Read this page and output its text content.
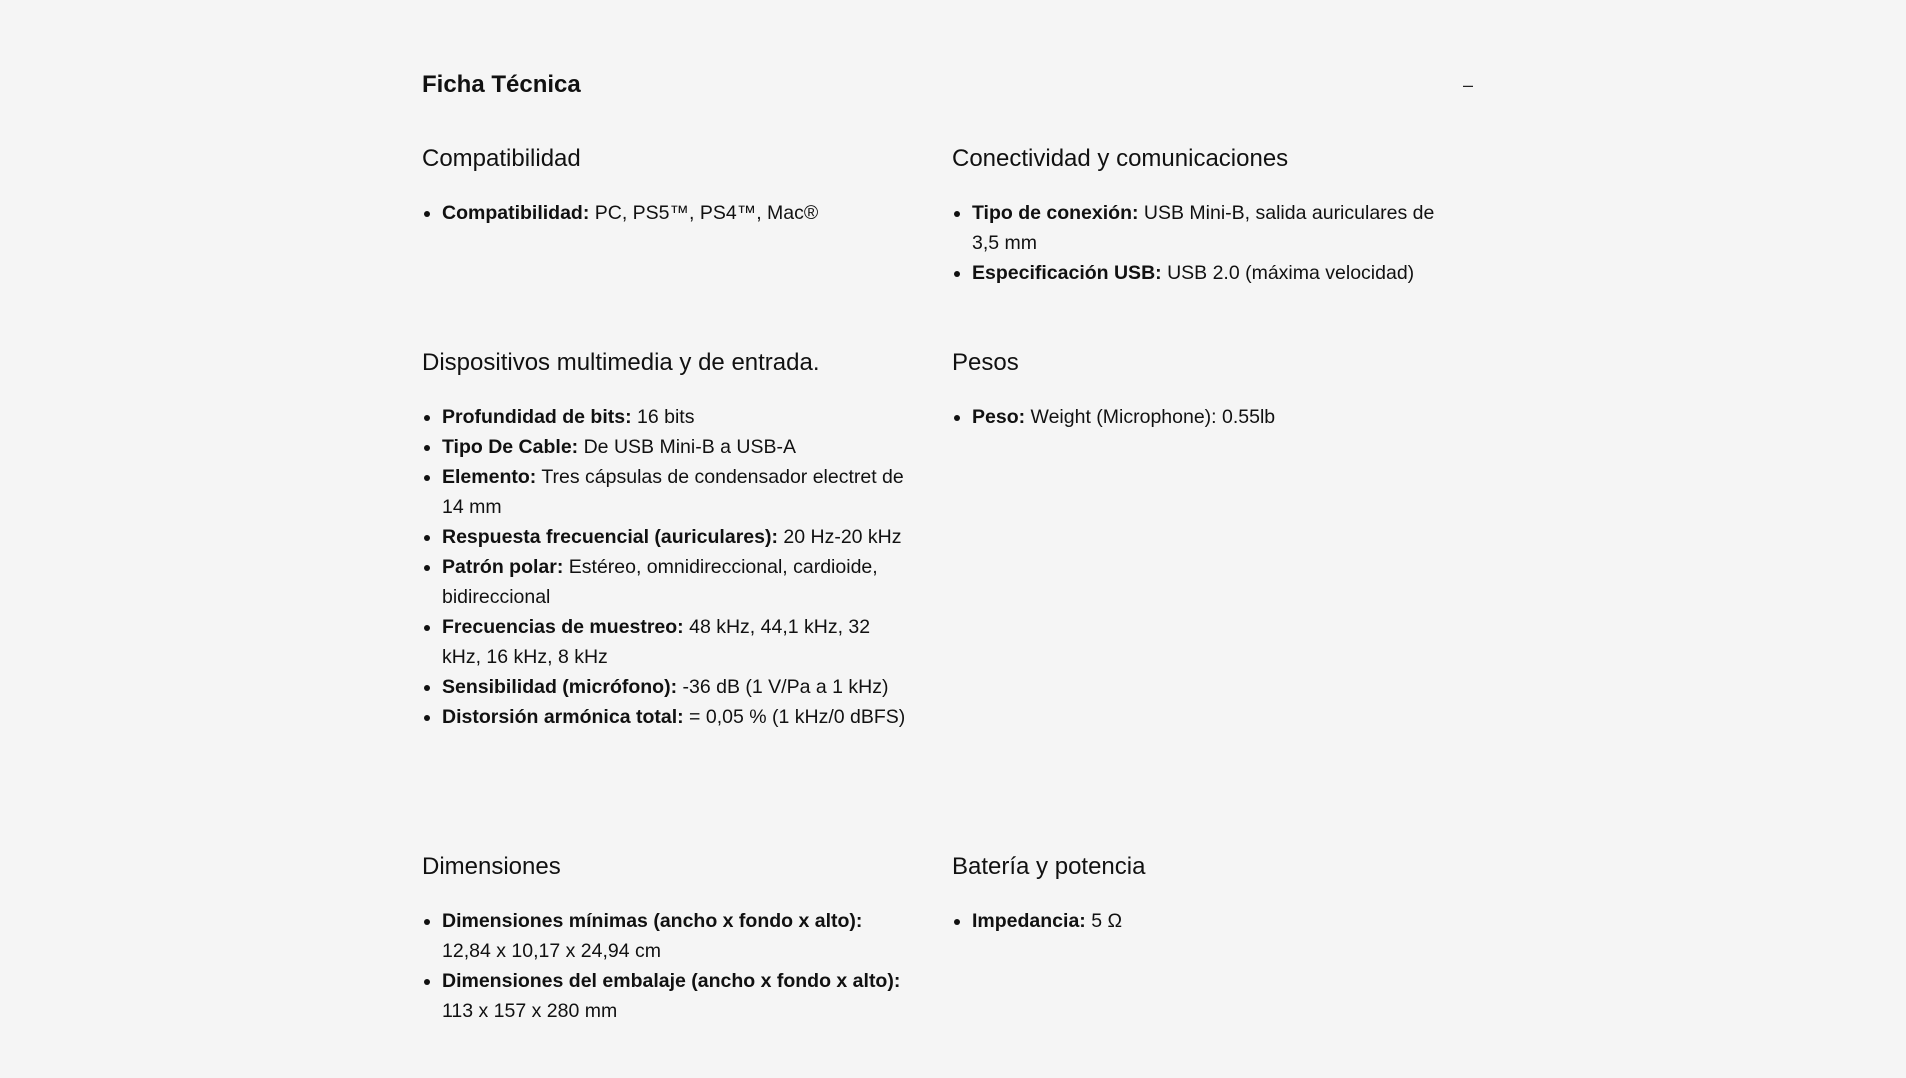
Ficha Técnica	–
Compatibilidad
Compatibilidad: PC, PS5™, PS4™, Mac®
Conectividad y comunicaciones
Tipo de conexión: USB Mini-B, salida auriculares de 3,5 mm
Especificación USB: USB 2.0 (máxima velocidad)
Dispositivos multimedia y de entrada.
Profundidad de bits: 16 bits
Tipo De Cable: De USB Mini-B a USB-A
Elemento: Tres cápsulas de condensador electret de 14 mm
Respuesta frecuencial (auriculares): 20 Hz-20 kHz
Patrón polar: Estéreo, omnidireccional, cardioide, bidireccional
Frecuencias de muestreo: 48 kHz, 44,1 kHz, 32 kHz, 16 kHz, 8 kHz
Sensibilidad (micrófono): -36 dB (1 V/Pa a 1 kHz)
Distorsión armónica total: = 0,05 % (1 kHz/0 dBFS)
Pesos
Peso: Weight (Microphone): 0.55lb
Dimensiones
Dimensiones mínimas (ancho x fondo x alto): 12,84 x 10,17 x 24,94 cm
Dimensiones del embalaje (ancho x fondo x alto): 113 x 157 x 280 mm
Batería y potencia
Impedancia: 5 Ω
